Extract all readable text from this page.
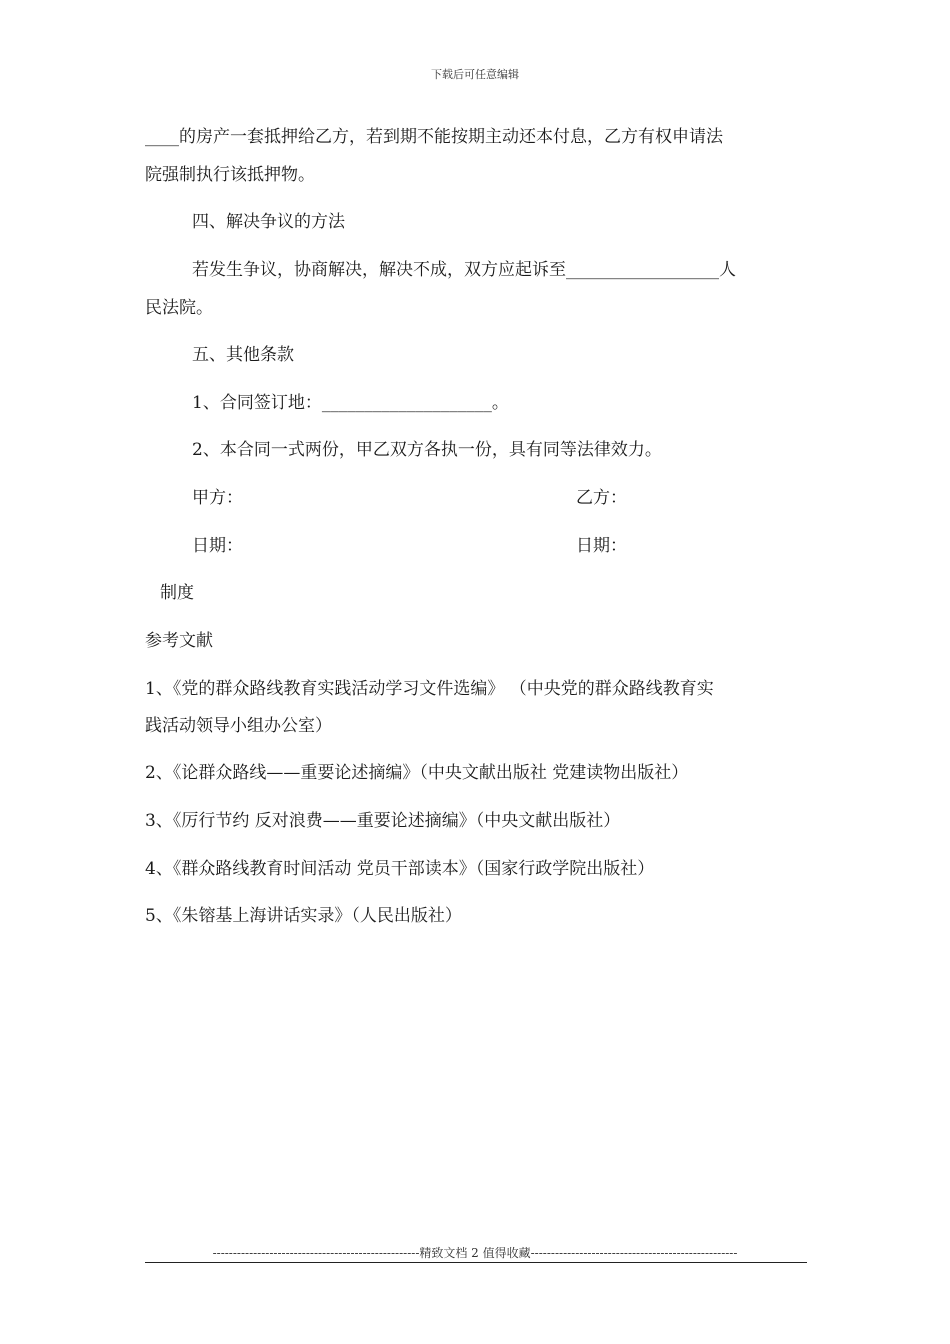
下载后可任意编辑
____的房产一套抵押给乙方，若到期不能按期主动还本付息，乙方有权申请法
院强制执行该抵押物。
四、解决争议的方法
若发生争议，协商解决，解决不成，双方应起诉至__________________人
民法院。
五、其他条款
1、合同签订地：____________________。
2、本合同一式两份，甲乙双方各执一份，具有同等法律效力。
甲方：	乙方：
日期：	日期：
制度
参考文献
1、《党的群众路线教育实践活动学习文件选编》 （中央党的群众路线教育实
践活动领导小组办公室）
2、《论群众路线——重要论述摘编》（中央文献出版社 党建读物出版社）
3、《厉行节约 反对浪费——重要论述摘编》（中央文献出版社）
4、《群众路线教育时间活动 党员干部读本》（国家行政学院出版社）
5、《朱镕基上海讲话实录》（人民出版社）
---------------------------------------------------精致文档 2 值得收藏---------------------------------------------------
